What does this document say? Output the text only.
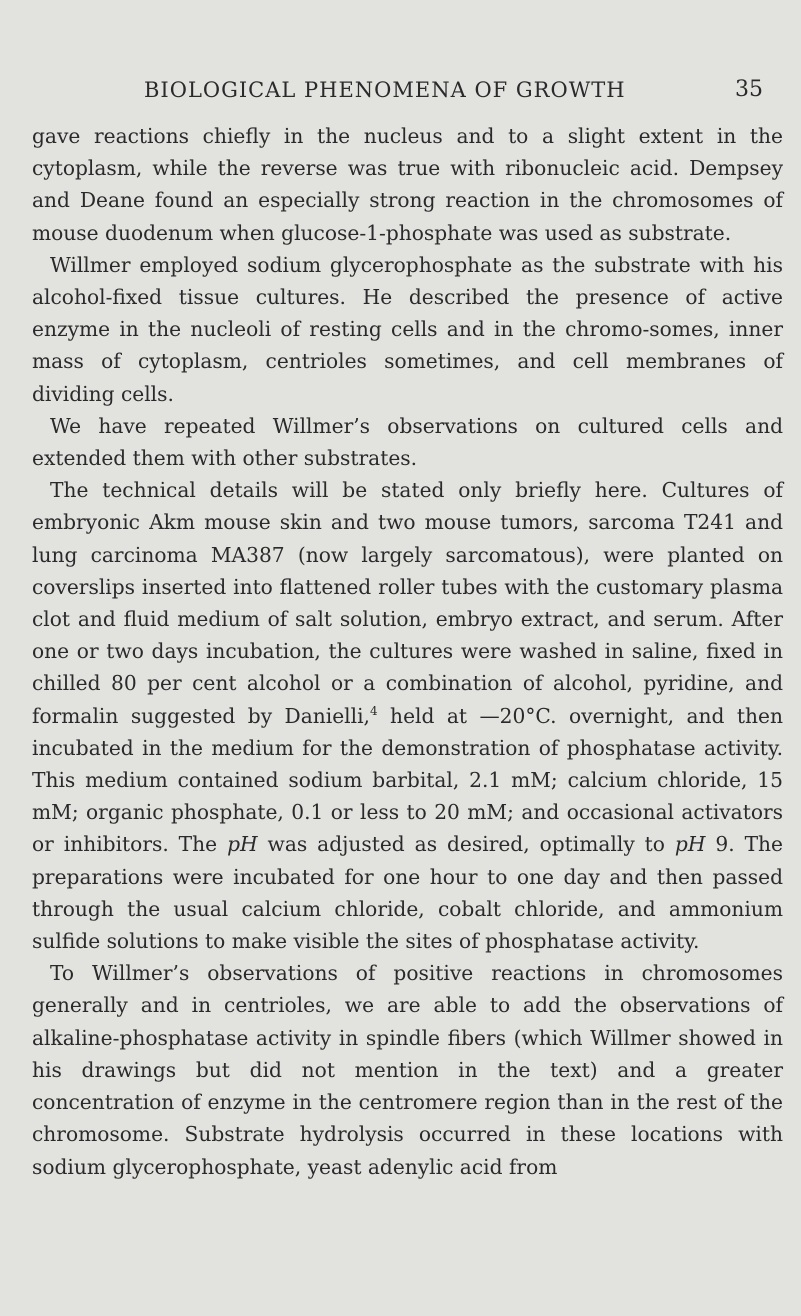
BIOLOGICAL PHENOMENA OF GROWTH	35

gave reactions chiefly in the nucleus and to a slight extent in the cytoplasm, while the reverse was true with ribonucleic acid. Dempsey and Deane found an especially strong reaction in the chromosomes of mouse duodenum when glucose-1-phosphate was used as substrate.

Willmer employed sodium glycerophosphate as the substrate with his alcohol-fixed tissue cultures. He described the presence of active enzyme in the nucleoli of resting cells and in the chromo-somes, inner mass of cytoplasm, centrioles sometimes, and cell membranes of dividing cells.

We have repeated Willmer’s observations on cultured cells and extended them with other substrates.

The technical details will be stated only briefly here. Cultures of embryonic Akm mouse skin and two mouse tumors, sarcoma T241 and lung carcinoma MA387 (now largely sarcomatous), were planted on coverslips inserted into flattened roller tubes with the customary plasma clot and fluid medium of salt solution, embryo extract, and serum. After one or two days incubation, the cultures were washed in saline, fixed in chilled 80 per cent alcohol or a combination of alcohol, pyridine, and formalin suggested by Danielli,$^4$ held at —20°C. overnight, and then incubated in the medium for the demonstration of phosphatase activity. This medium contained sodium barbital, 2.1 mM; calcium chloride, 15 mM; organic phosphate, 0.1 or less to 20 mM; and occasional activators or inhibitors. The pH was adjusted as desired, optimally to pH 9. The preparations were incubated for one hour to one day and then passed through the usual calcium chloride, cobalt chloride, and ammonium sulfide solutions to make visible the sites of phosphatase activity.

To Willmer’s observations of positive reactions in chromosomes generally and in centrioles, we are able to add the observations of alkaline-phosphatase activity in spindle fibers (which Willmer showed in his drawings but did not mention in the text) and a greater concentration of enzyme in the centromere region than in the rest of the chromosome. Substrate hydrolysis occurred in these locations with sodium glycerophosphate, yeast adenylic acid from
